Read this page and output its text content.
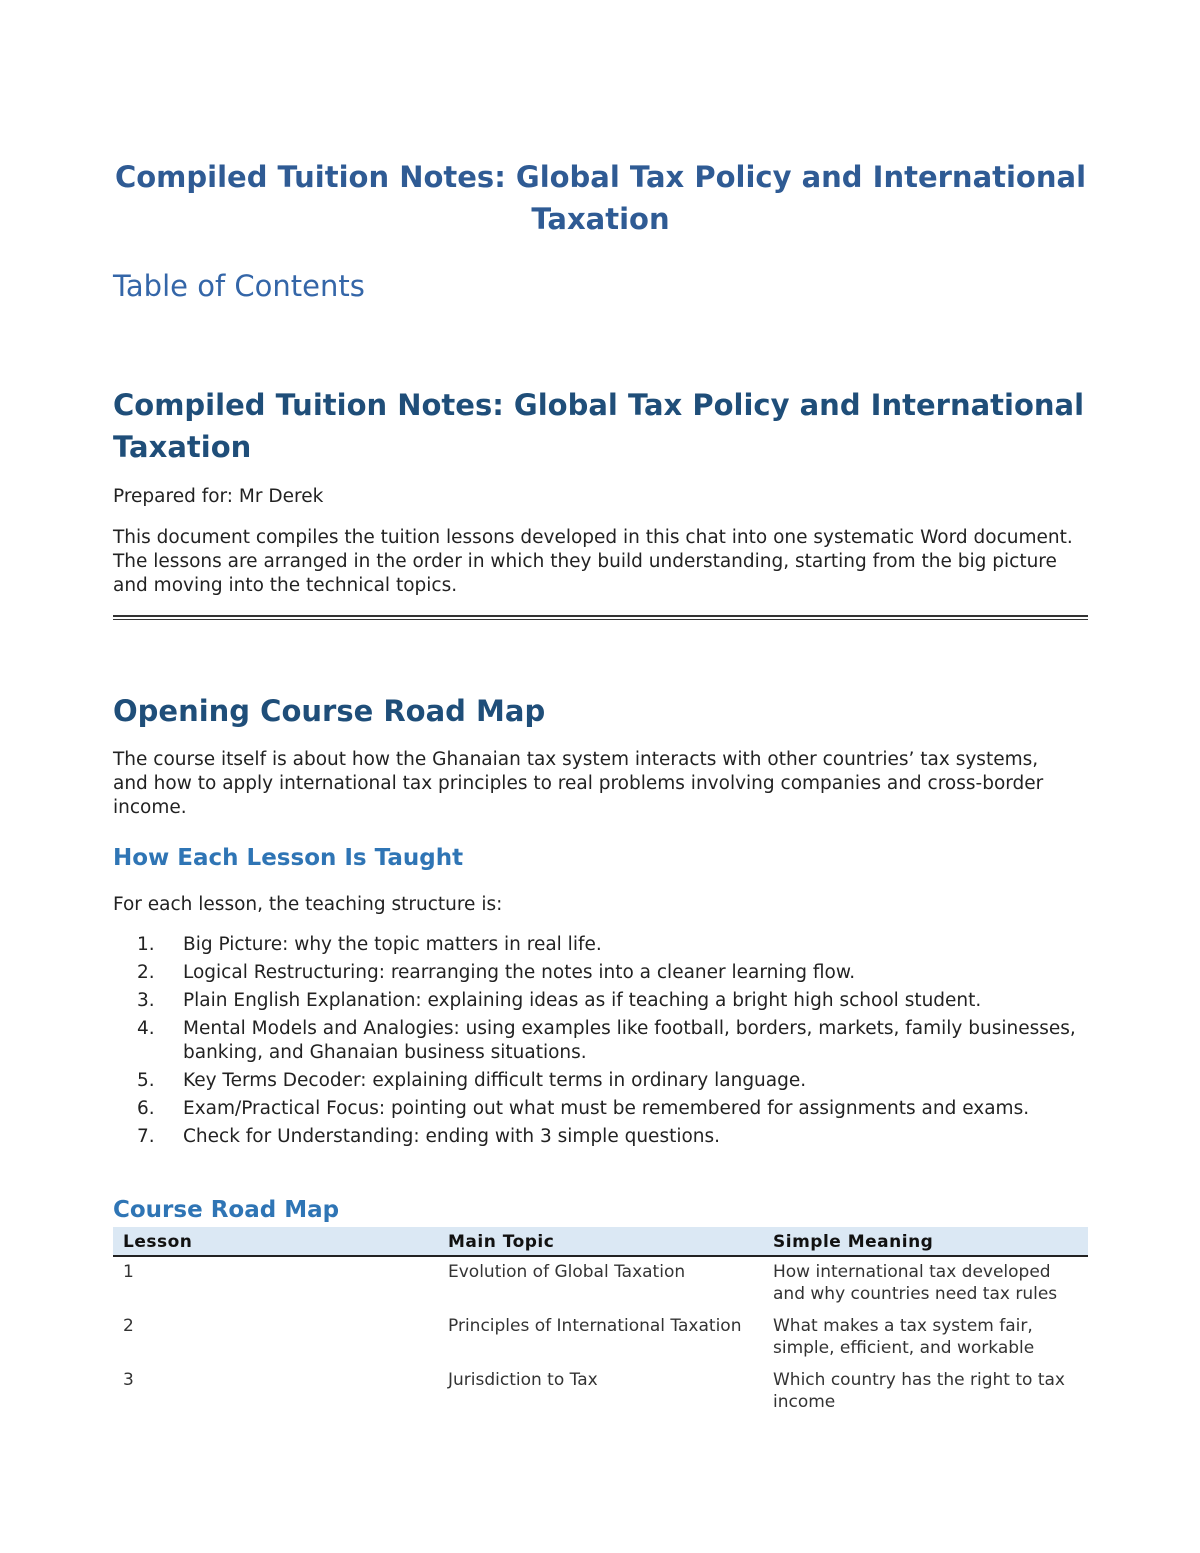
Compiled Tuition Notes: Global Tax Policy and International Taxation
Table of Contents
Compiled Tuition Notes: Global Tax Policy and International Taxation
Prepared for: Mr Derek
This document compiles the tuition lessons developed in this chat into one systematic Word document. The lessons are arranged in the order in which they build understanding, starting from the big picture and moving into the technical topics.
Opening Course Road Map
The course itself is about how the Ghanaian tax system interacts with other countries’ tax systems, and how to apply international tax principles to real problems involving companies and cross-border income.
How Each Lesson Is Taught
For each lesson, the teaching structure is:
1. Big Picture: why the topic matters in real life.
2. Logical Restructuring: rearranging the notes into a cleaner learning flow.
3. Plain English Explanation: explaining ideas as if teaching a bright high school student.
4. Mental Models and Analogies: using examples like football, borders, markets, family businesses, banking, and Ghanaian business situations.
5. Key Terms Decoder: explaining difficult terms in ordinary language.
6. Exam/Practical Focus: pointing out what must be remembered for assignments and exams.
7. Check for Understanding: ending with 3 simple questions.
Course Road Map
Lesson	Main Topic	Simple Meaning
1	Evolution of Global Taxation	How international tax developed and why countries need tax rules
2	Principles of International Taxation	What makes a tax system fair, simple, efficient, and workable
3	Jurisdiction to Tax	Which country has the right to tax income
